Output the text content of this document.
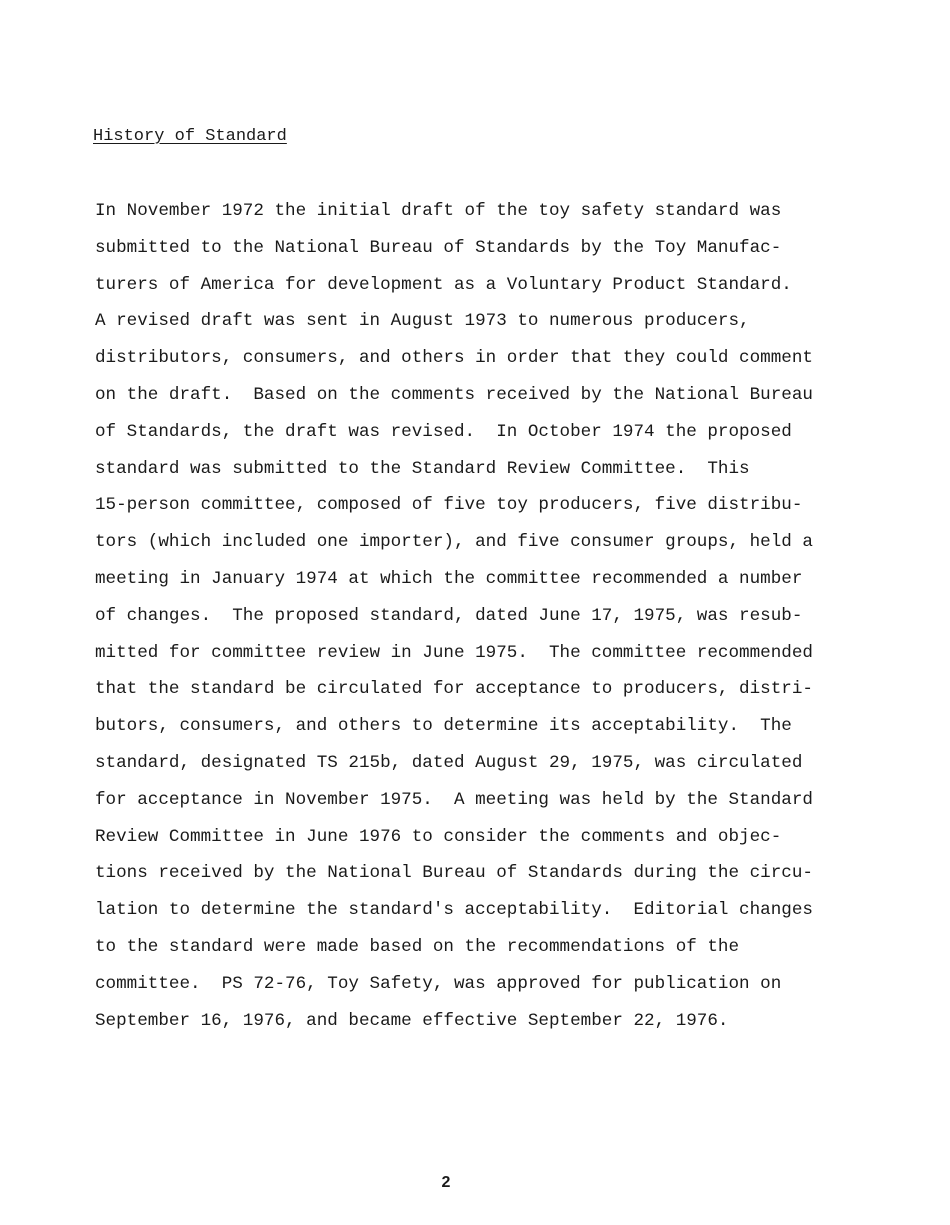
History of Standard
In November 1972 the initial draft of the toy safety standard was
submitted to the National Bureau of Standards by the Toy Manufac-
turers of America for development as a Voluntary Product Standard.
A revised draft was sent in August 1973 to numerous producers,
distributors, consumers, and others in order that they could comment
on the draft.  Based on the comments received by the National Bureau
of Standards, the draft was revised.  In October 1974 the proposed
standard was submitted to the Standard Review Committee.  This
15-person committee, composed of five toy producers, five distribu-
tors (which included one importer), and five consumer groups, held a
meeting in January 1974 at which the committee recommended a number
of changes.  The proposed standard, dated June 17, 1975, was resub-
mitted for committee review in June 1975.  The committee recommended
that the standard be circulated for acceptance to producers, distri-
butors, consumers, and others to determine its acceptability.  The
standard, designated TS 215b, dated August 29, 1975, was circulated
for acceptance in November 1975.  A meeting was held by the Standard
Review Committee in June 1976 to consider the comments and objec-
tions received by the National Bureau of Standards during the circu-
lation to determine the standard's acceptability.  Editorial changes
to the standard were made based on the recommendations of the
committee.  PS 72-76, Toy Safety, was approved for publication on
September 16, 1976, and became effective September 22, 1976.
2
